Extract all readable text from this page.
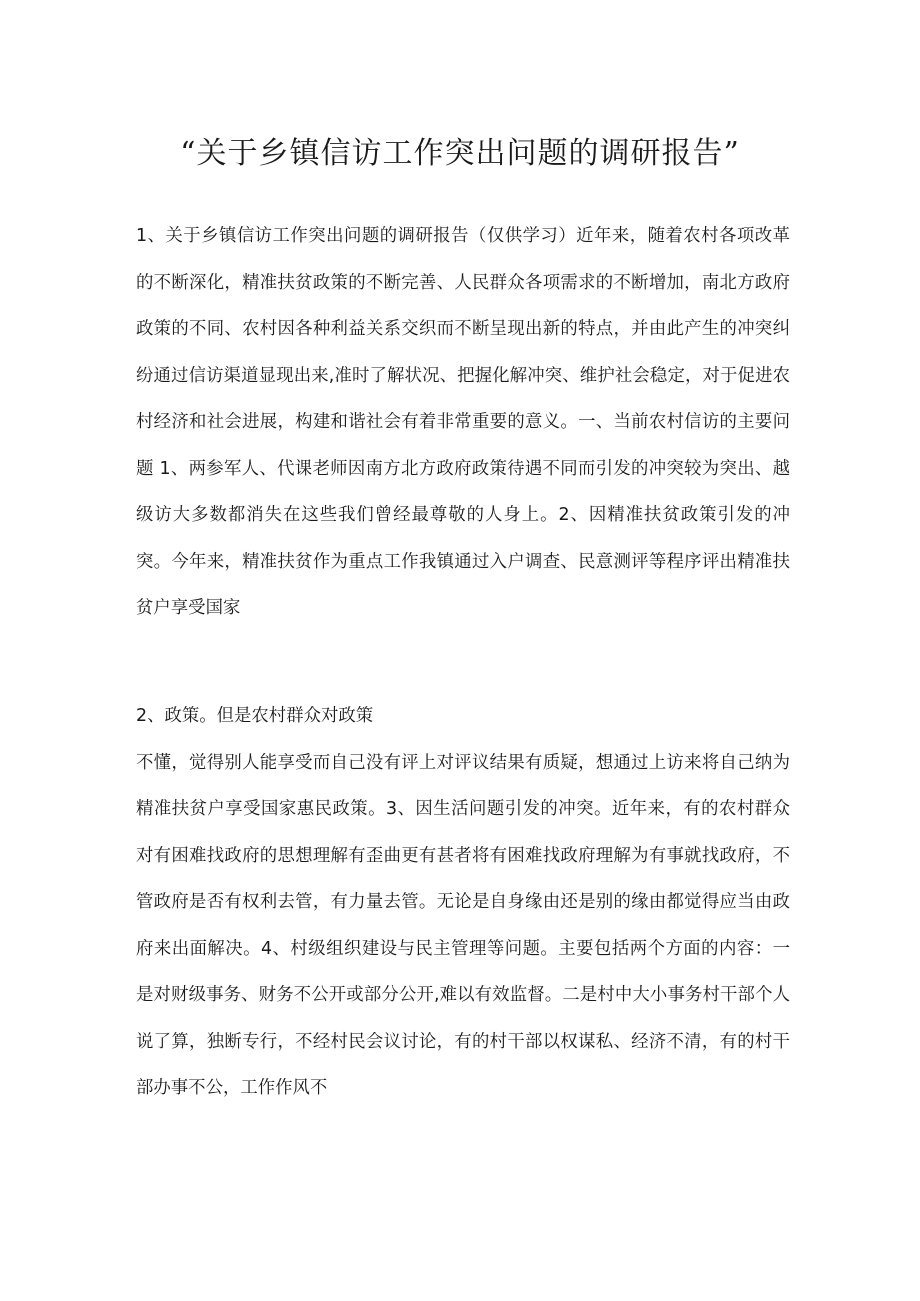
“关于乡镇信访工作突出问题的调研报告”

1、关于乡镇信访工作突出问题的调研报告（仅供学习）近年来，随着农村各项改革的不断深化，精准扶贫政策的不断完善、人民群众各项需求的不断增加，南北方政府政策的不同、农村因各种利益关系交织而不断呈现出新的特点，并由此产生的冲突纠纷通过信访渠道显现出来,准时了解状况、把握化解冲突、维护社会稳定，对于促进农村经济和社会进展，构建和谐社会有着非常重要的意义。一、当前农村信访的主要问题 1、两参军人、代课老师因南方北方政府政策待遇不同而引发的冲突较为突出、越级访大多数都消失在这些我们曾经最尊敬的人身上。2、因精准扶贫政策引发的冲突。今年来，精准扶贫作为重点工作我镇通过入户调查、民意测评等程序评出精准扶贫户享受国家

2、政策。但是农村群众对政策
不懂，觉得别人能享受而自己没有评上对评议结果有质疑，想通过上访来将自己纳为精准扶贫户享受国家惠民政策。3、因生活问题引发的冲突。近年来，有的农村群众对有困难找政府的思想理解有歪曲更有甚者将有困难找政府理解为有事就找政府，不管政府是否有权利去管，有力量去管。无论是自身缘由还是别的缘由都觉得应当由政府来出面解决。4、村级组织建设与民主管理等问题。主要包括两个方面的内容：一是对财级事务、财务不公开或部分公开,难以有效监督。二是村中大小事务村干部个人说了算，独断专行，不经村民会议讨论，有的村干部以权谋私、经济不清，有的村干部办事不公，工作作风不
